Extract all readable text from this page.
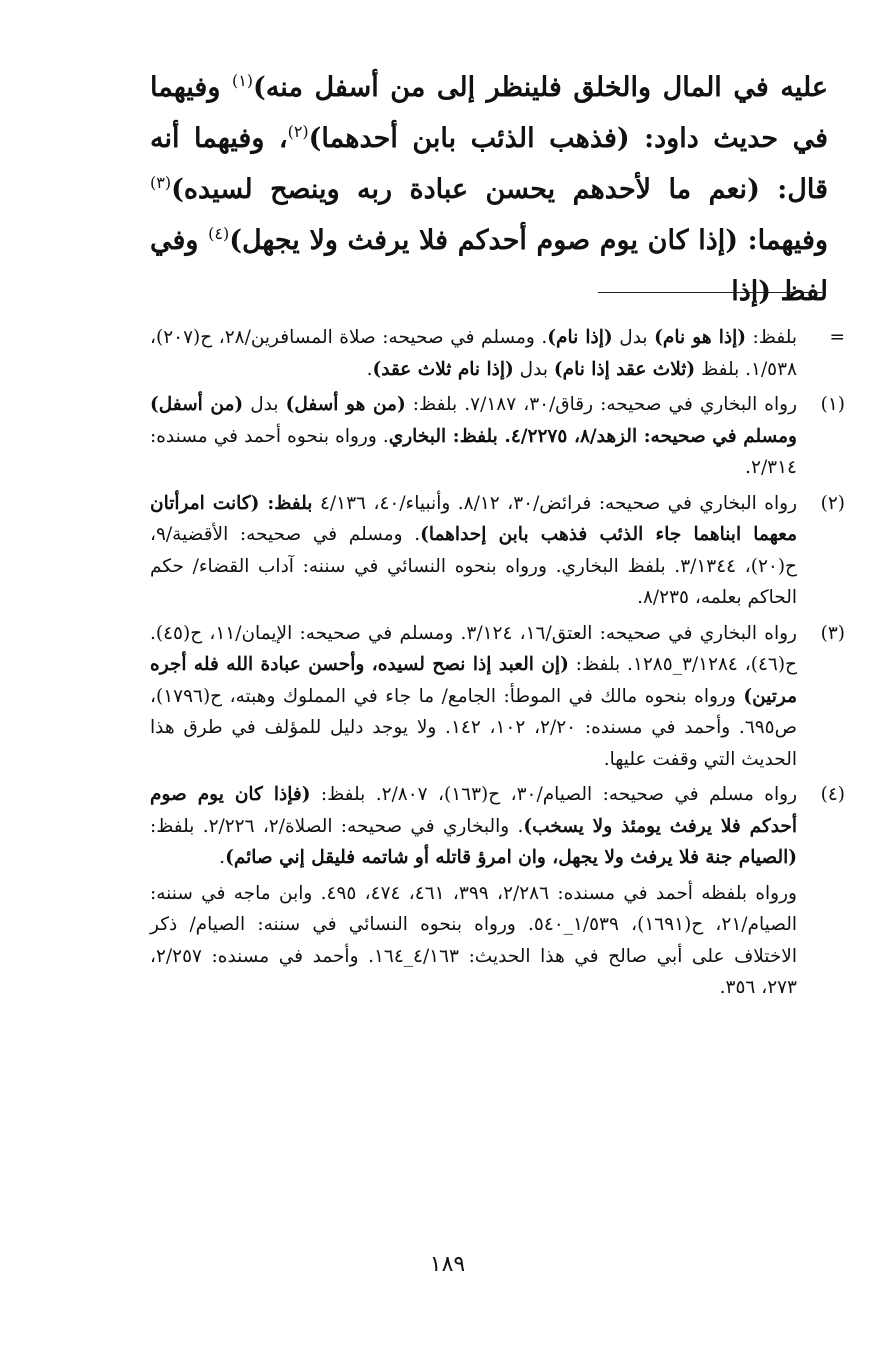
عليه في المال والخلق فلينظر إلى من أسفل منه)$^{(١)}$ وفيهما في حديث داود: (فذهب الذئب بابن أحدهما)$^{(٢)}$، وفيهما أنه قال: (نعم ما لأحدهم يحسن عبادة ربه وينصح لسيده)$^{(٣)}$ وفيهما: (إذا كان يوم صوم أحدكم فلا يرفث ولا يجهل)$^{(٤)}$ وفي لفظ (إذا

=
بلفظ: (إذا هو نام) بدل (إذا نام). ومسلم في صحيحه: صلاة المسافرين/٢٨، ح(٢٠٧)، ١/٥٣٨. بلفظ (ثلاث عقد إذا نام) بدل (إذا نام ثلاث عقد).
(١)
رواه البخاري في صحيحه: رقاق/٣٠، ٧/١٨٧. بلفظ: (من هو أسفل) بدل (من أسفل) ومسلم في صحيحه: الزهد/٨، ٤/٢٢٧٥. بلفظ: البخاري. ورواه بنحوه أحمد في مسنده: ٢/٣١٤.
(٢)
رواه البخاري في صحيحه: فرائض/٣٠، ٨/١٢. وأنبياء/٤٠، ٤/١٣٦ بلفظ: (كانت امرأتان معهما ابناهما جاء الذئب فذهب بابن إحداهما). ومسلم في صحيحه: الأقضية/٩، ح(٢٠)، ٣/١٣٤٤. بلفظ البخاري. ورواه بنحوه النسائي في سننه: آداب القضاء/ حكم الحاكم بعلمه، ٨/٢٣٥.
(٣)
رواه البخاري في صحيحه: العتق/١٦، ٣/١٢٤. ومسلم في صحيحه: الإيمان/١١، ح(٤٥). ح(٤٦)، ٣/١٢٨٤_١٢٨٥. بلفظ: (إن العبد إذا نصح لسيده، وأحسن عبادة الله فله أجره مرتين) ورواه بنحوه مالك في الموطأ: الجامع/ ما جاء في المملوك وهبته، ح(١٧٩٦)، ص٦٩٥. وأحمد في مسنده: ٢/٢٠، ١٠٢، ١٤٢. ولا يوجد دليل للمؤلف في طرق هذا الحديث التي وقفت عليها.
(٤)
رواه مسلم في صحيحه: الصيام/٣٠، ح(١٦٣)، ٢/٨٠٧. بلفظ: (فإذا كان يوم صوم أحدكم فلا يرفث يومئذ ولا يسخب). والبخاري في صحيحه: الصلاة/٢، ٢/٢٢٦. بلفظ: (الصيام جنة فلا يرفث ولا يجهل، وان امرؤ قاتله أو شاتمه فليقل إني صائم).
ورواه بلفظه أحمد في مسنده: ٢/٢٨٦، ٣٩٩، ٤٦١، ٤٧٤، ٤٩٥. وابن ماجه في سننه: الصيام/٢١، ح(١٦٩١)، ١/٥٣٩_٥٤٠. ورواه بنحوه النسائي في سننه: الصيام/ ذكر الاختلاف على أبي صالح في هذا الحديث: ٤/١٦٣_١٦٤. وأحمد في مسنده: ٢/٢٥٧، ٢٧٣، ٣٥٦.
١٨٩
